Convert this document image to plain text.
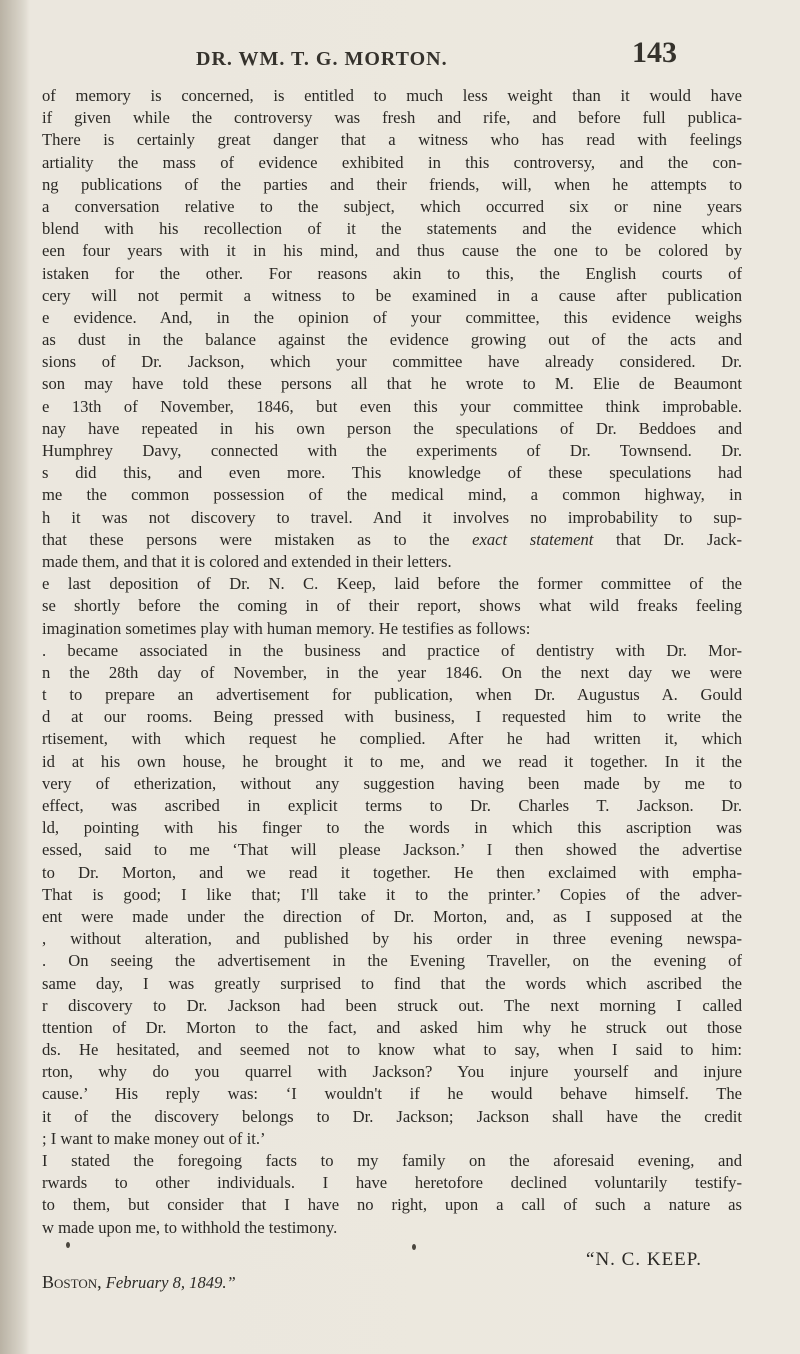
DR. WM. T. G. MORTON.	143
of memory is concerned, is entitled to much less weight than it would have
if given while the controversy was fresh and rife, and before full publica-
There is certainly great danger that a witness who has read with feelings
artiality the mass of evidence exhibited in this controversy, and the con-
ng publications of the parties and their friends, will, when he attempts to
a conversation relative to the subject, which occurred six or nine years
blend with his recollection of it the statements and the evidence which
een four years with it in his mind, and thus cause the one to be colored by
istaken for the other. For reasons akin to this, the English courts of
cery will not permit a witness to be examined in a cause after publication
e evidence. And, in the opinion of your committee, this evidence weighs
as dust in the balance against the evidence growing out of the acts and
sions of Dr. Jackson, which your committee have already considered. Dr.
son may have told these persons all that he wrote to M. Elie de Beaumont
e 13th of November, 1846, but even this your committee think improbable.
nay have repeated in his own person the speculations of Dr. Beddoes and
Humphrey Davy, connected with the experiments of Dr. Townsend. Dr.
s did this, and even more. This knowledge of these speculations had
me the common possession of the medical mind, a common highway, in
h it was not discovery to travel. And it involves no improbability to sup-
that these persons were mistaken as to the exact statement that Dr. Jack-
made them, and that it is colored and extended in their letters.
e last deposition of Dr. N. C. Keep, laid before the former committee of the
se shortly before the coming in of their report, shows what wild freaks feeling
imagination sometimes play with human memory. He testifies as follows:
. became associated in the business and practice of dentistry with Dr. Mor-
n the 28th day of November, in the year 1846. On the next day we were
t to prepare an advertisement for publication, when Dr. Augustus A. Gould
d at our rooms. Being pressed with business, I requested him to write the
rtisement, with which request he complied. After he had written it, which
id at his own house, he brought it to me, and we read it together. In it the
very of etherization, without any suggestion having been made by me to
effect, was ascribed in explicit terms to Dr. Charles T. Jackson. Dr.
ld, pointing with his finger to the words in which this ascription was
essed, said to me ‘That will please Jackson.’ I then showed the advertise
to Dr. Morton, and we read it together. He then exclaimed with empha-
That is good; I like that; I'll take it to the printer.’ Copies of the adver-
ent were made under the direction of Dr. Morton, and, as I supposed at the
, without alteration, and published by his order in three evening newspa-
. On seeing the advertisement in the Evening Traveller, on the evening of
same day, I was greatly surprised to find that the words which ascribed the
r discovery to Dr. Jackson had been struck out. The next morning I called
ttention of Dr. Morton to the fact, and asked him why he struck out those
ds. He hesitated, and seemed not to know what to say, when I said to him:
rton, why do you quarrel with Jackson? You injure yourself and injure
cause.’ His reply was: ‘I wouldn't if he would behave himself. The
it of the discovery belongs to Dr. Jackson; Jackson shall have the credit
; I want to make money out of it.’
I stated the foregoing facts to my family on the aforesaid evening, and
rwards to other individuals. I have heretofore declined voluntarily testify-
to them, but consider that I have no right, upon a call of such a nature as
w made upon me, to withhold the testimony.
“N. C. KEEP.
Boston, February 8, 1849.”
